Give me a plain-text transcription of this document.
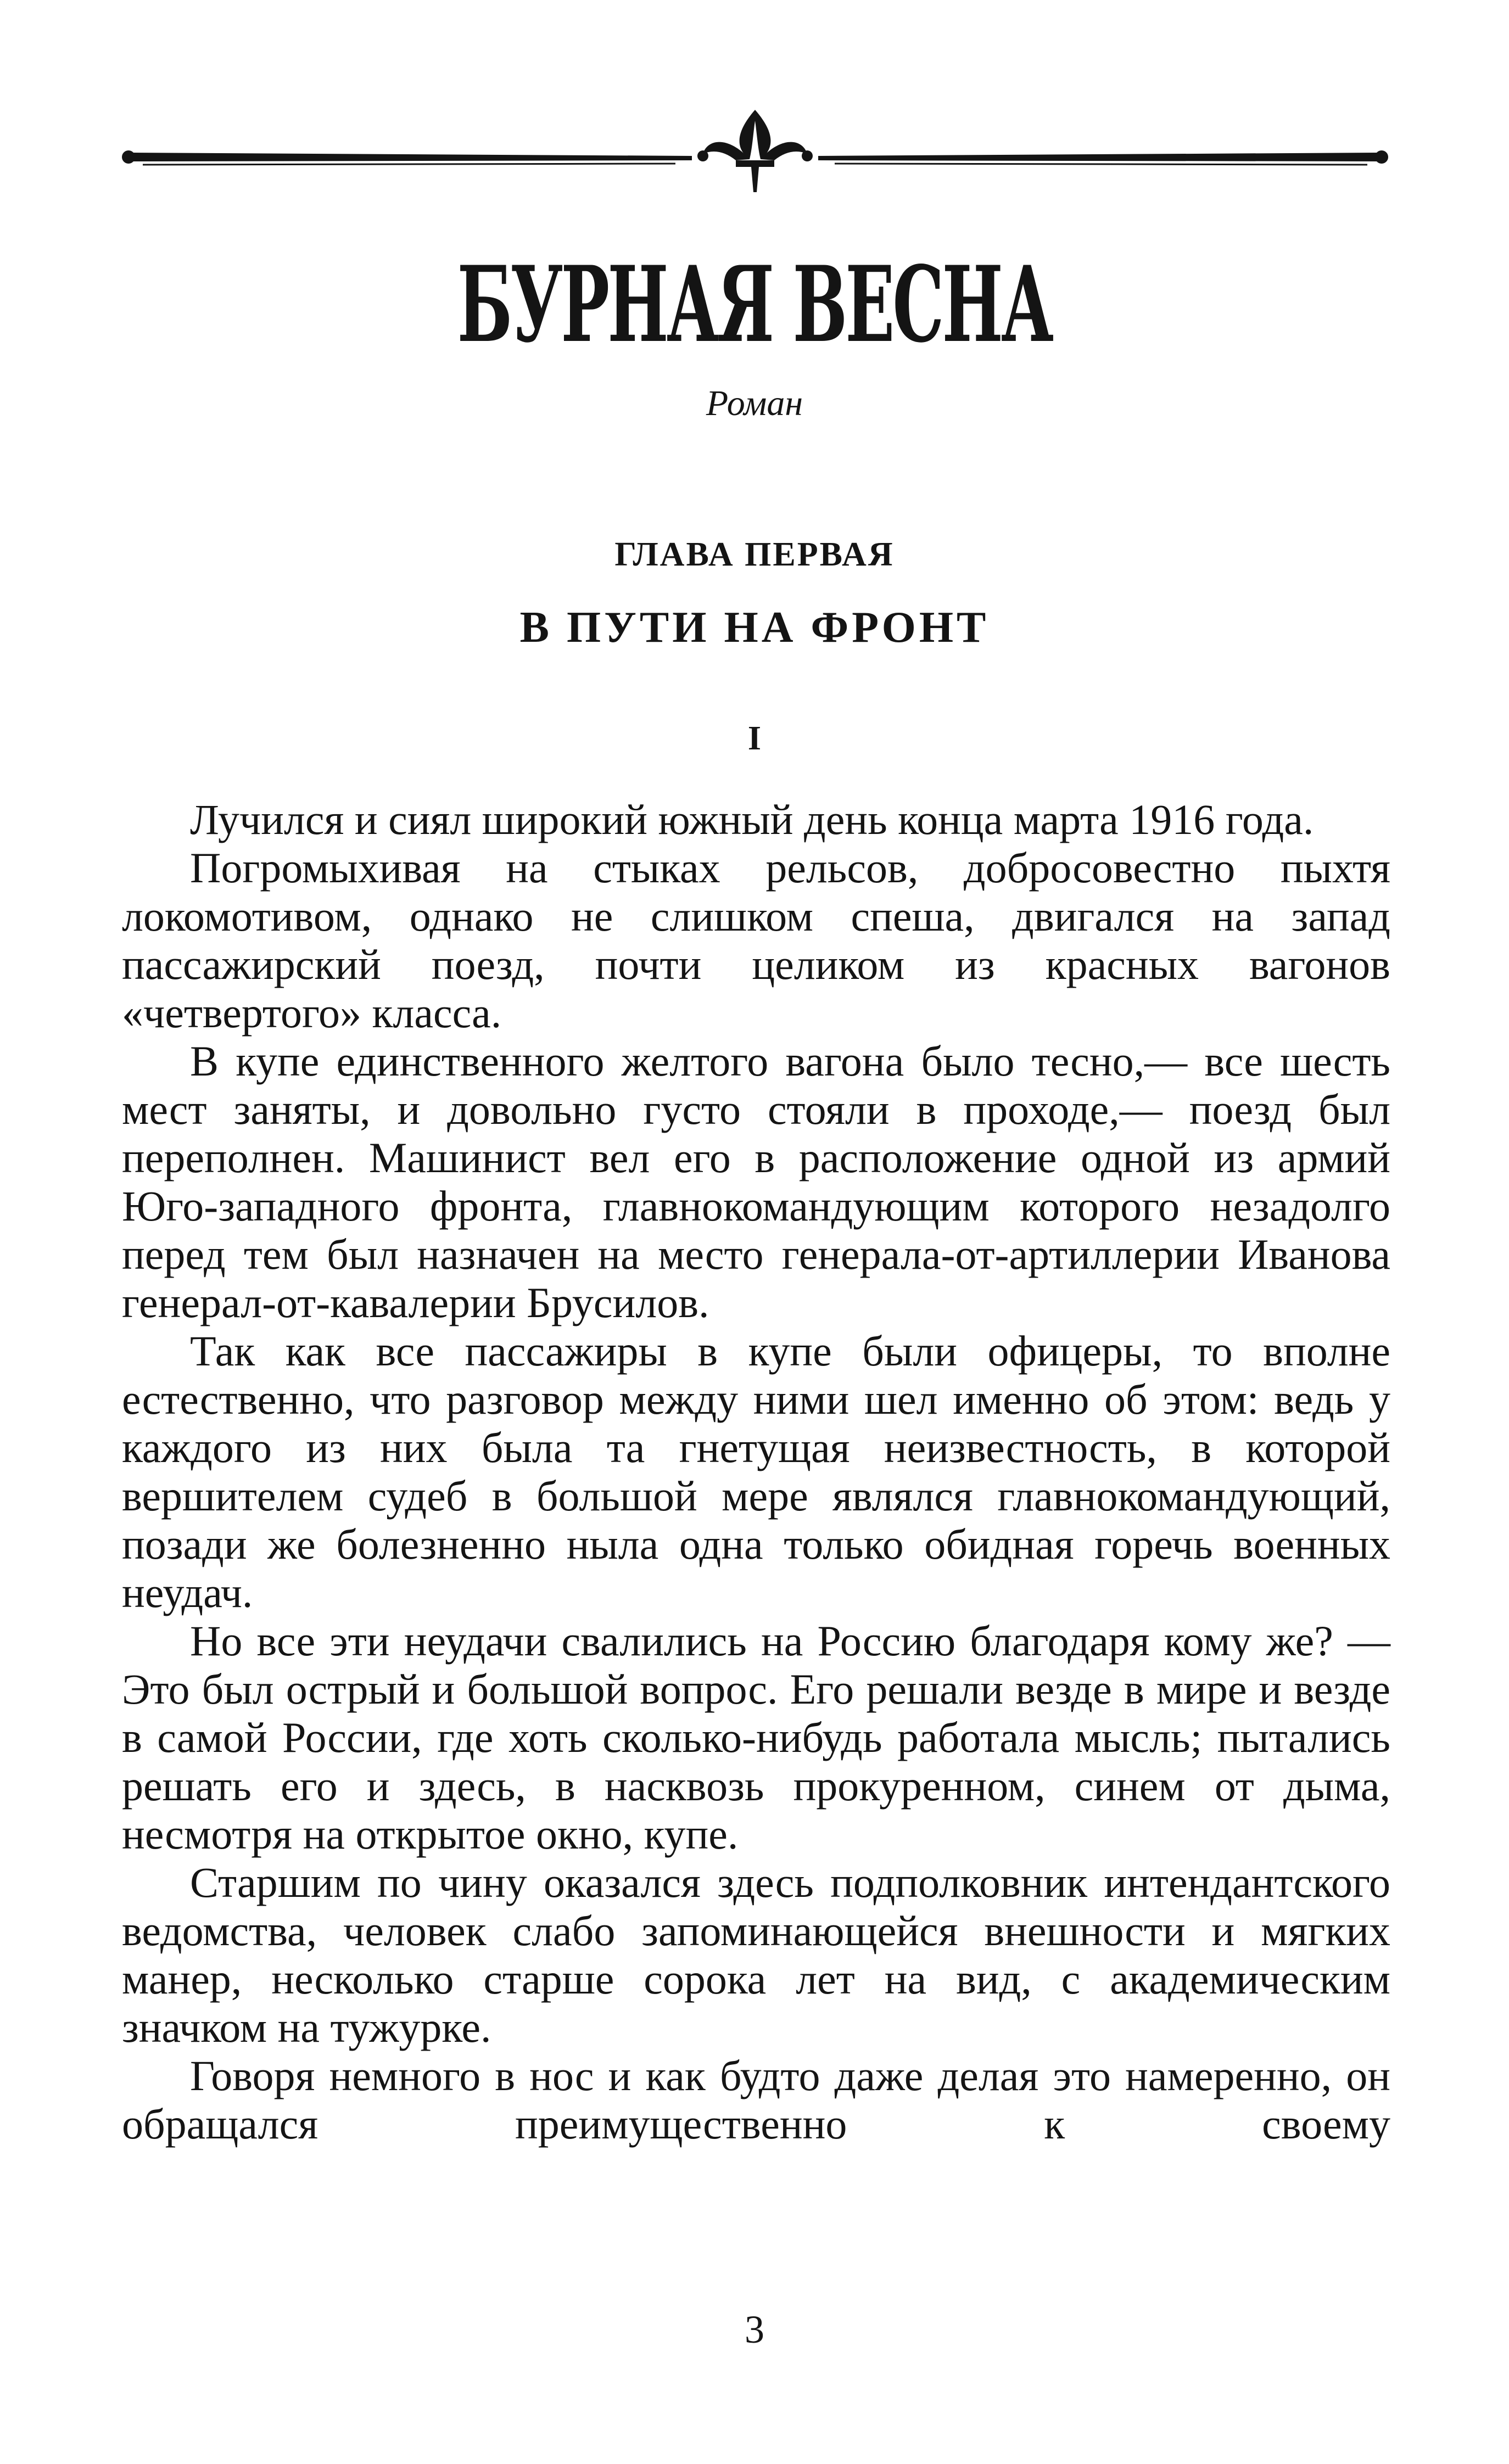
БУРНАЯ ВЕСНА
Роман
ГЛАВА ПЕРВАЯ
В ПУТИ НА ФРОНТ
I

Лучился и сиял широкий южный день конца марта 1916 года.

Погромыхивая на стыках рельсов, добросовестно пыхтя локомотивом, однако не слишком спеша, двигался на запад пассажирский поезд, почти целиком из красных вагонов «четвертого» класса.

В купе единственного желтого вагона было тесно,— все шесть мест заняты, и довольно густо стояли в проходе,— поезд был переполнен. Машинист вел его в расположение одной из армий Юго-западного фронта, главнокомандующим которого незадолго перед тем был назначен на место генерала-от-артиллерии Иванова генерал-от-кавалерии Брусилов.

Так как все пассажиры в купе были офицеры, то вполне естественно, что разговор между ними шел именно об этом: ведь у каждого из них была та гнетущая неизвестность, в которой вершителем судеб в большой мере являлся главнокомандующий, позади же болезненно ныла одна только обидная горечь военных неудач.

Но все эти неудачи свалились на Россию благодаря кому же? — Это был острый и большой вопрос. Его решали везде в мире и везде в самой России, где хоть сколько-нибудь работала мысль; пытались решать его и здесь, в насквозь прокуренном, синем от дыма, несмотря на открытое окно, купе.

Старшим по чину оказался здесь подполковник интендантского ведомства, человек слабо запоминающейся внешности и мягких манер, несколько старше сорока лет на вид, с академическим значком на тужурке.

Говоря немного в нос и как будто даже делая это намеренно, он обращался преимущественно к своему

3
